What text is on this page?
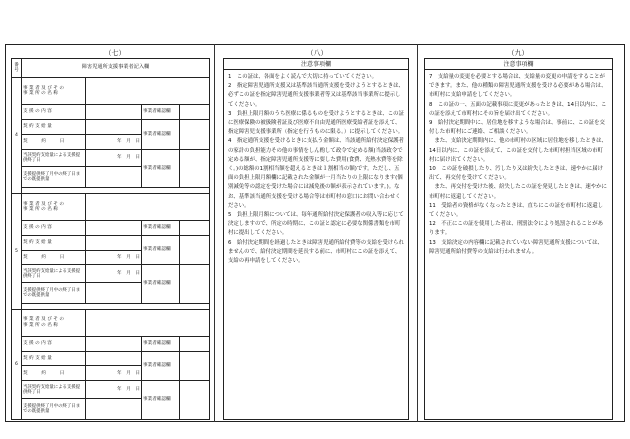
（七）	（八）	（九）
番号	障害児通所支援事業者記入欄			
4	事 業 者 及 び そ の
事 業 所 の 名 称			
	支 援 の 内 容		事業者確認欄	
	契 約 支 給 量		事業者確認欄	
	契　　　約　　　日	年　月　日		
	当該契約支給量による支援提供終了日	年　月　日	事業者確認欄	
	支援提供終了月中の終了日までの既提供量			

5	事 業 者 及 び そ の
事 業 所 の 名 称			
	支 援 の 内 容		事業者確認欄	
	契 約 支 給 量		事業者確認欄	
	契　　　約　　　日	年　月　日		
	当該契約支給量による支援提供終了日	年　月　日	事業者確認欄	
	支援提供終了月中の終了日までの既提供量			

6	事 業 者 及 び そ の
事 業 所 の 名 称			
	支 援 の 内 容		事業者確認欄	
	契 約 支 給 量		事業者確認欄	
	契　　　約　　　日	年　月　日		
	当該契約支給量による支援提供終了日	年　月　日	事業者確認欄	
	支援提供終了月中の終了日までの既提供量			
注意事項欄

1　この証は、各面をよく読んで大切に持っていてください。

2　指定障害児通所支援又は基準該当通所支援を受けようとするときは、必ずこの証を指定障害児通所支援事業者等又は基準該当事業所に提示してください。

3　負担上限月額のうち医療に係るものを受けようとするときは、この証に医療保険の被扱険者証及び医療不自由児通所医療受給者証を添えて、指定障害児支援事業所（指定を行うものに限る。）に提示してください。

4　指定通所支援を受けるときに支払う金額は、当該通所給付決定保護者の家計の負担能力その他の事情をしん酌して政令で定める額(当該政令で定める額が、指定障害児通所支援等に要した費用(食費、光熱水費等を除く。)の総額の1割相当額を超えるときは１割相当の額)です。ただし、五面の負担上限月額欄に記載された金額が一月当たりの上限になります(個別減免等の認定を受けた場合には減免後の額が表示されています。)。なお、基準該当通所支援を受ける場合等は市町村の窓口にお問い合わせください。

5　負担上限月額については、毎年通所給付決定保護者の収入等に応じて決定しますので、所定の時期に、この証と認定に必要な関係書類を市町村に提出してください。

6　給付決定期間を経過したときは障害児通所給付費等の支給を受けられませんので、給付決定期間を延長する前に、市町村にこの証を添えて、支給の再申請をしてください。

注意事項欄

7　支給量の変更を必要とする場合は、支給量の変更の申請をすることができます。また、他の種類の障害児通所支援を受ける必要がある場合は、市町村に支給申請をしてください。

8　この証の一、五面の記載事項に変更があったときは、14日以内に、この証を添えて市町村にその旨を届け出てください。

9　給付決定期間中に、居住地を移すような場合は、事前に、この証を交付した市町村にご連絡、ご相談ください。

　また、支給決定期間内に、他の市町村の区域に居住地を移したときは、14日以内に、この証を添えて、この証を交付した市町村担当区域の市町村に届け出てください。

10　この証を破損したり、汚したり又は紛失したときは、速やかに届け出て、再交付を受けてください。

　また、再交付を受けた後、紛失したこの証を発見したときは、速やかに市町村に返還してください。

11　受給者の資格がなくなったときは、直ちにこの証を市町村に返還してください。

12　不正にこの証を使用した者は、刑罰法令により処罰されることがあります。

13　支給決定の内容欄に記載されていない障害児通所支援については、障害児通所給付費等の支給は行われません。
